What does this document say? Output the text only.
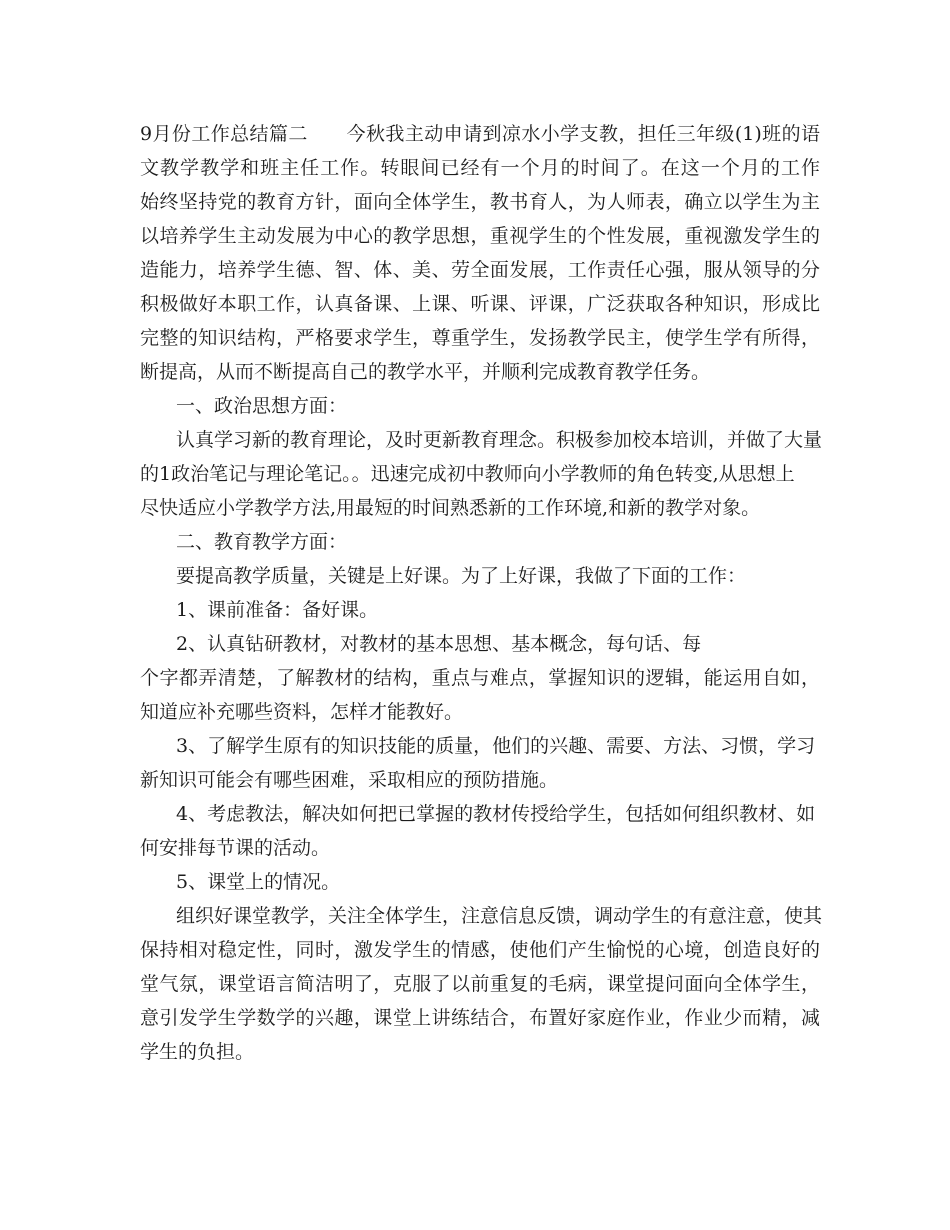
9月份工作总结篇二　　今秋我主动申请到凉水小学支教，担任三年级(1)班的语
文教学教学和班主任工作。转眼间已经有一个月的时间了。在这一个月的工作
始终坚持党的教育方针，面向全体学生，教书育人，为人师表，确立以学生为主
以培养学生主动发展为中心的教学思想，重视学生的个性发展，重视激发学生的
造能力，培养学生德、智、体、美、劳全面发展，工作责任心强，服从领导的分
积极做好本职工作，认真备课、上课、听课、评课，广泛获取各种知识，形成比
完整的知识结构，严格要求学生，尊重学生，发扬教学民主，使学生学有所得，
断提高，从而不断提高自己的教学水平，并顺利完成教育教学任务。
一、政治思想方面：
认真学习新的教育理论，及时更新教育理念。积极参加校本培训，并做了大量
的1政治笔记与理论笔记。。迅速完成初中教师向小学教师的角色转变,从思想上
尽快适应小学教学方法,用最短的时间熟悉新的工作环境,和新的教学对象。
二、教育教学方面：
要提高教学质量，关键是上好课。为了上好课，我做了下面的工作：
1、课前准备：备好课。
2、认真钻研教材，对教材的基本思想、基本概念，每句话、每
个字都弄清楚，了解教材的结构，重点与难点，掌握知识的逻辑，能运用自如，
知道应补充哪些资料，怎样才能教好。
3、了解学生原有的知识技能的质量，他们的兴趣、需要、方法、习惯，学习
新知识可能会有哪些困难，采取相应的预防措施。
4、考虑教法，解决如何把已掌握的教材传授给学生，包括如何组织教材、如
何安排每节课的活动。
5、课堂上的情况。
组织好课堂教学，关注全体学生，注意信息反馈，调动学生的有意注意，使其
保持相对稳定性，同时，激发学生的情感，使他们产生愉悦的心境，创造良好的
堂气氛，课堂语言简洁明了，克服了以前重复的毛病，课堂提问面向全体学生，
意引发学生学数学的兴趣，课堂上讲练结合，布置好家庭作业，作业少而精，减
学生的负担。
